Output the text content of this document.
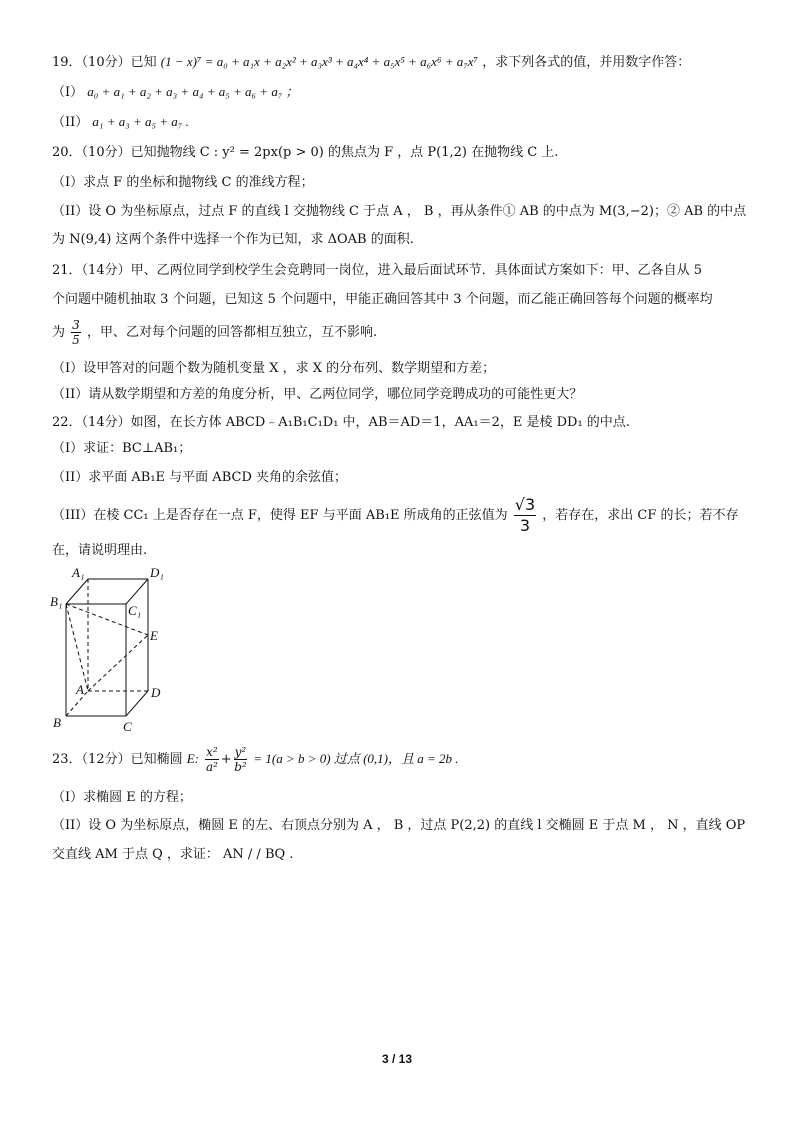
19．（10分）已知 (1 − x)⁷ = a₀ + a₁x + a₂x² + a₃x³ + a₄x⁴ + a₅x⁵ + a₆x⁶ + a₇x⁷ ，求下列各式的值，并用数字作答：
（I） a₀ + a₁ + a₂ + a₃ + a₄ + a₅ + a₆ + a₇ ；
（II） a₁ + a₃ + a₅ + a₇ .
20．（10分）已知抛物线 C : y² = 2px(p > 0) 的焦点为 F ，点 P(1,2) 在抛物线 C 上.
（I）求点 F 的坐标和抛物线 C 的准线方程；
（II）设 O 为坐标原点，过点 F 的直线 l 交抛物线 C 于点 A ， B ，再从条件① AB 的中点为 M(3,−2)；② AB 的中点
为 N(9,4) 这两个条件中选择一个作为已知，求 ΔOAB 的面积.
21．（14分）甲、乙两位同学到校学生会竞聘同一岗位，进入最后面试环节．具体面试方案如下：甲、乙各自从 5
个问题中随机抽取 3 个问题，已知这 5 个问题中，甲能正确回答其中 3 个问题，而乙能正确回答每个问题的概率均
为 $\frac{3}{5}$ ，甲、乙对每个问题的回答都相互独立，互不影响.
（I）设甲答对的问题个数为随机变量 X ，求 X 的分布列、数学期望和方差；
（II）请从数学期望和方差的角度分析，甲、乙两位同学，哪位同学竞聘成功的可能性更大？
22．（14分）如图，在长方体 ABCD﹣A₁B₁C₁D₁ 中，AB＝AD＝1，AA₁＝2，E 是棱 DD₁ 的中点.
（I）求证：BC⊥AB₁；
（II）求平面 AB₁E 与平面 ABCD 夹角的余弦值；
（III）在棱 CC₁ 上是否存在一点 F，使得 EF 与平面 AB₁E 所成角的正弦值为 $\frac{√3}{3}$ ，若存在，求出 CF 的长；若不存
在，请说明理由.
A₁	D₁
B₁
C₁
E
A	D
B	C
23．（12分）已知椭圆 E: $\frac{\text{x²}}{\text{a²}} + \frac{\text{y²}}{\text{b²}} = 1(a > b > 0)$ 过点 (0,1)，且 a = 2b .
（I）求椭圆 E 的方程；
（II）设 O 为坐标原点，椭圆 E 的左、右顶点分别为 A ， B ，过点 P(2,2) 的直线 l 交椭圆 E 于点 M ， N ，直线 OP
交直线 AM 于点 Q ，求证： AN / / BQ .
3 / 13
